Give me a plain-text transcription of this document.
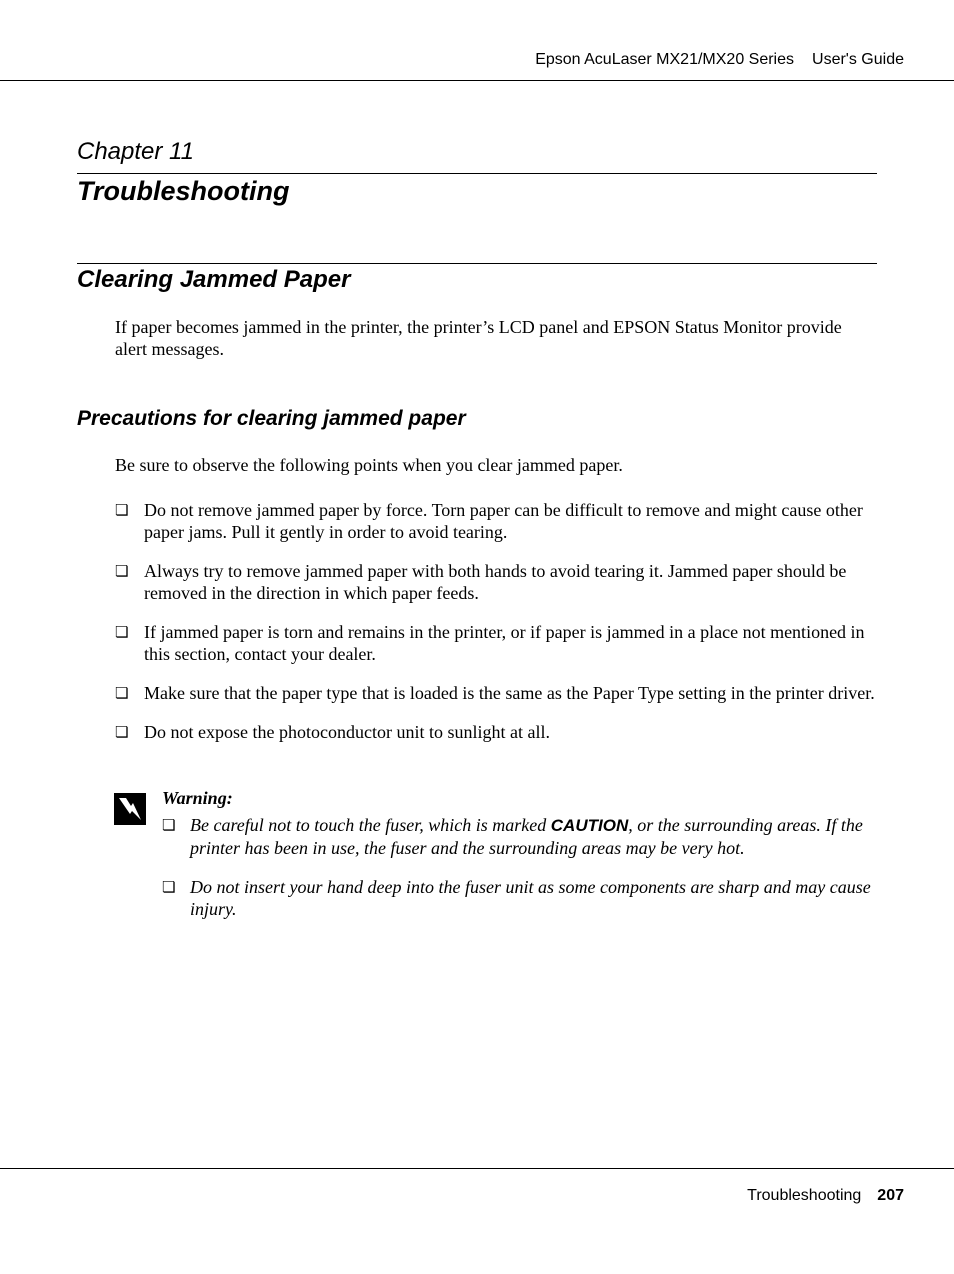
Epson AcuLaser MX21/MX20 Series User's Guide
Chapter 11
Troubleshooting
Clearing Jammed Paper
If paper becomes jammed in the printer, the printer’s LCD panel and EPSON Status Monitor provide alert messages.
Precautions for clearing jammed paper
Be sure to observe the following points when you clear jammed paper.
❏ Do not remove jammed paper by force. Torn paper can be difficult to remove and might cause other paper jams. Pull it gently in order to avoid tearing.
❏ Always try to remove jammed paper with both hands to avoid tearing it. Jammed paper should be removed in the direction in which paper feeds.
❏ If jammed paper is torn and remains in the printer, or if paper is jammed in a place not mentioned in this section, contact your dealer.
❏ Make sure that the paper type that is loaded is the same as the Paper Type setting in the printer driver.
❏ Do not expose the photoconductor unit to sunlight at all.
Warning:
❏ Be careful not to touch the fuser, which is marked CAUTION, or the surrounding areas. If the printer has been in use, the fuser and the surrounding areas may be very hot.
❏ Do not insert your hand deep into the fuser unit as some components are sharp and may cause injury.
Troubleshooting 207
